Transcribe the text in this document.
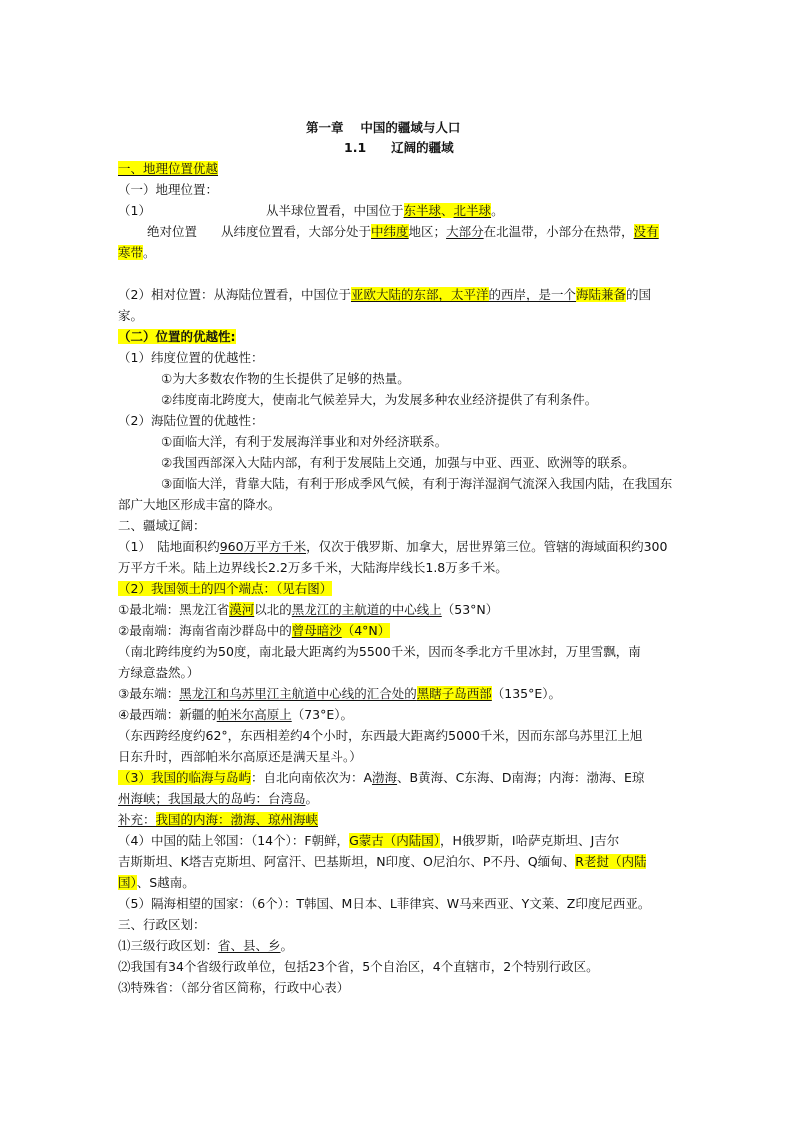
第一章　 中国的疆域与人口
1.1　　辽阔的疆域
一、地理位置优越
（一）地理位置：
（1）	从半球位置看，中国位于东半球、北半球。
绝对位置 从纬度位置看，大部分处于中纬度地区；大部分在北温带，小部分在热带，没有
寒带。
（2）相对位置：从海陆位置看，中国位于亚欧大陆的东部，太平洋的西岸，是一个海陆兼备的国
家。
（二）位置的优越性:
（1）纬度位置的优越性：
①为大多数农作物的生长提供了足够的热量。
②纬度南北跨度大，使南北气候差异大，为发展多种农业经济提供了有利条件。
（2）海陆位置的优越性：
①面临大洋，有利于发展海洋事业和对外经济联系。
②我国西部深入大陆内部，有利于发展陆上交通，加强与中亚、西亚、欧洲等的联系。
③面临大洋，背靠大陆，有利于形成季风气候，有利于海洋湿润气流深入我国内陆，在我国东
部广大地区形成丰富的降水。
二、疆域辽阔：
（1）　陆地面积约960万平方千米，仅次于俄罗斯、加拿大，居世界第三位。管辖的海域面积约300
万平方千米。陆上边界线长2.2万多千米，大陆海岸线长1.8万多千米。
（2）我国领土的四个端点：（见右图）
①最北端：黑龙江省漠河以北的黑龙江的主航道的中心线上（53°N）
②最南端：海南省南沙群岛中的曾母暗沙（4°N）
（南北跨纬度约为50度，南北最大距离约为5500千米，因而冬季北方千里冰封，万里雪飘，南
方绿意盎然。）
③最东端：黑龙江和乌苏里江主航道中心线的汇合处的黑瞎子岛西部（135°E）。
④最西端：新疆的帕米尔高原上（73°E）。
（东西跨经度约62°，东西相差约4个小时，东西最大距离约5000千米，因而东部乌苏里江上旭
日东升时，西部帕米尔高原还是满天星斗。）
（3）我国的临海与岛屿：自北向南依次为：A渤海、B黄海、C东海、D南海；内海：渤海、E琼
州海峡；我国最大的岛屿：台湾岛。
补充：我国的内海：渤海、琼州海峡
（4）中国的陆上邻国：（14个）：F朝鲜，G蒙古（内陆国），H俄罗斯，I哈萨克斯坦、J吉尔
吉斯斯坦、K塔吉克斯坦、阿富汗、巴基斯坦，N印度、O尼泊尔、P不丹、Q缅甸、R老挝（内陆
国）、S越南。
（5）隔海相望的国家：（6个）：T韩国、M日本、L菲律宾、W马来西亚、Y文莱、Z印度尼西亚。
三、行政区划：
⑴三级行政区划：省、县、乡。
⑵我国有34个省级行政单位，包括23个省，5个自治区，4个直辖市，2个特别行政区。
⑶特殊省：（部分省区简称，行政中心表）
